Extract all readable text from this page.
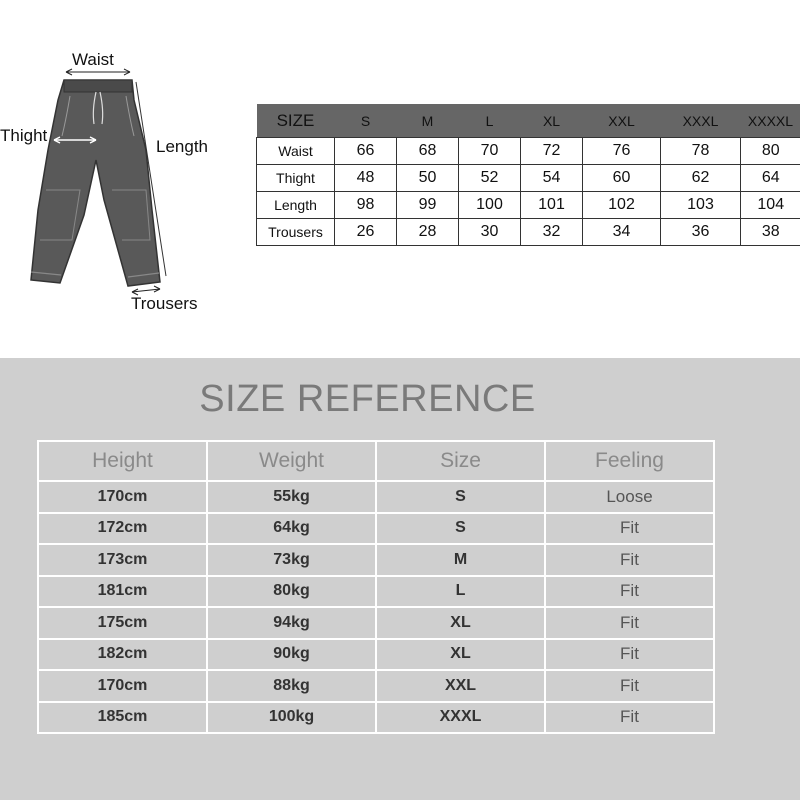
Waist
Thight
Length
Trousers
SIZE	S	M	L	XL	XXL	XXXL	XXXXL
Waist	66	68	70	72	76	78	80
Thight	48	50	52	54	60	62	64
Length	98	99	100	101	102	103	104
Trousers	26	28	30	32	34	36	38
SIZE REFERENCE
Height	Weight	Size	Feeling
170cm	55kg	S	Loose
172cm	64kg	S	Fit
173cm	73kg	M	Fit
181cm	80kg	L	Fit
175cm	94kg	XL	Fit
182cm	90kg	XL	Fit
170cm	88kg	XXL	Fit
185cm	100kg	XXXL	Fit
